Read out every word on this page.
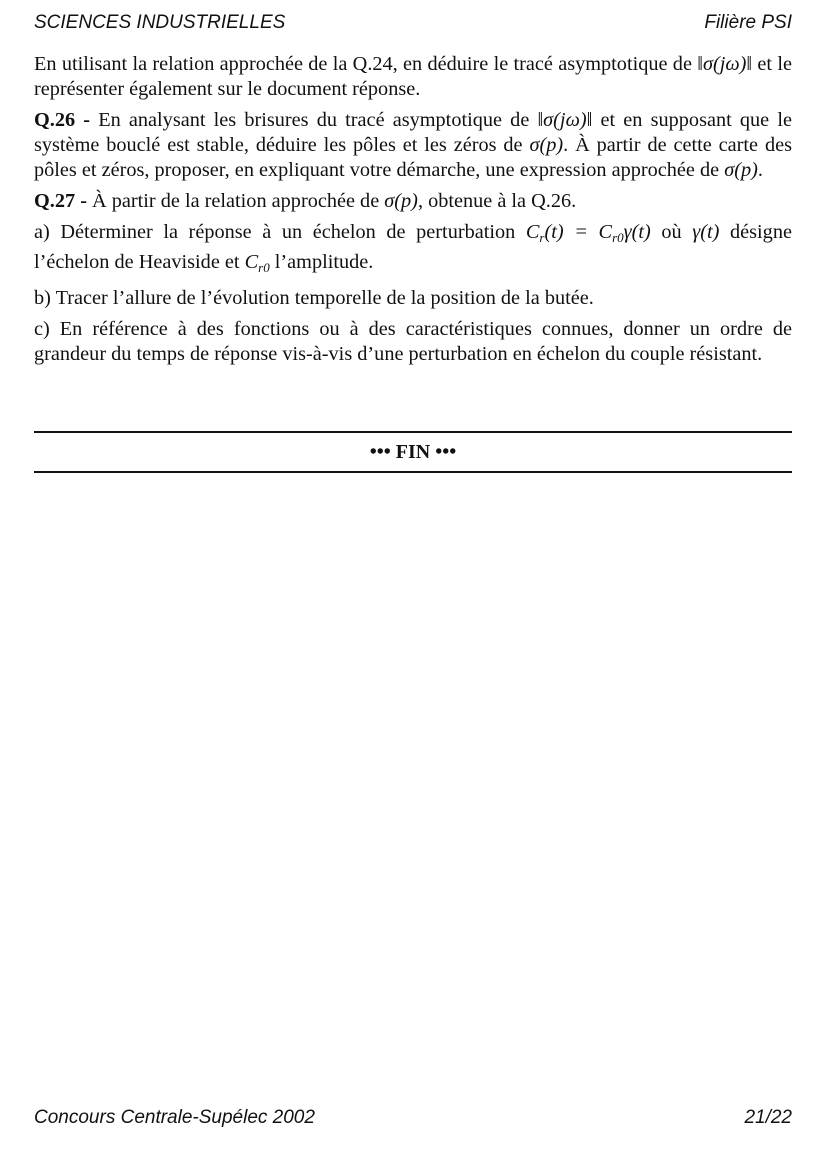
SCIENCES INDUSTRIELLES	Filière PSI

En utilisant la relation approchée de la Q.24, en déduire le tracé asymptotique de ‖σ(jω)‖ et le représenter également sur le document réponse.

Q.26 - En analysant les brisures du tracé asymptotique de ‖σ(jω)‖ et en supposant que le système bouclé est stable, déduire les pôles et les zéros de σ(p). À partir de cette carte des pôles et zéros, proposer, en expliquant votre démarche, une expression approchée de σ(p).

Q.27 - À partir de la relation approchée de σ(p), obtenue à la Q.26.

a) Déterminer la réponse à un échelon de perturbation $C_r(t) = C_{r0}\gamma(t)$ où γ(t) désigne l’échelon de Heaviside et $C_{r0}$ l’amplitude.

b) Tracer l’allure de l’évolution temporelle de la position de la butée.

c) En référence à des fonctions ou à des caractéristiques connues, donner un ordre de grandeur du temps de réponse vis-à-vis d’une perturbation en échelon du couple résistant.

••• FIN •••
Concours Centrale-Supélec 2002	21/22
